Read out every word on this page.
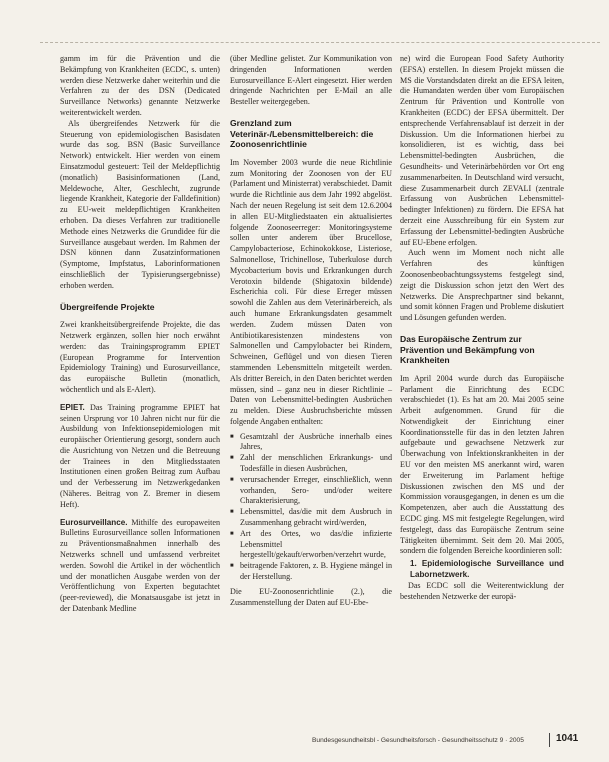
gamm im für die Prävention und die Bekämpfung von Krankheiten (ECDC, s. unten) werden diese Netzwerke daher weiterhin und die Verfahren zu der des DSN (Dedicated Surveillance Networks) genannte Netzwerke weiterentwickelt werden.

Als übergreifendes Netzwerk für die Steuerung von epidemiologischen Basisdaten wurde das sog. BSN (Basic Surveillance Network) entwickelt. Hier werden von einem Einsatzmodul gesteuert: Teil der Meldepflichtig (monatlich) Basisinformationen (Land, Meldewoche, Alter, Geschlecht, zugrunde liegende Krankheit, Kategorie der Falldefinition) zu EU-weit meldepflichtigen Krankheiten erhoben. Da dieses Verfahren zur traditionelle Methode eines Netzwerks die Grundidee für die Surveillance ausgebaut werden. Im Rahmen der DSN können dann Zusatzinformationen (Symptome, Impfstatus, Laborinformationen einschließlich der Typisierungsergebnisse) erhoben werden.

Übergreifende Projekte

Zwei krankheitsübergreifende Projekte, die das Netzwerk ergänzen, sollen hier noch erwähnt werden: das Trainingsprogramm EPIET (European Programme for Intervention Epidemiology Training) und Eurosurveillance, das europäische Bulletin (monatlich, wöchentlich und als E-Alert).

EPIET. Das Training programme EPIET hat seinen Ursprung vor 10 Jahren nicht nur für die Ausbildung von Infektionsepidemiologen mit europäischer Orientierung gesorgt, sondern auch die Ausrichtung von Netzen und die Betreuung der Trainees in den Mitgliedsstaaten Institutionen einen großen Beitrag zum Aufbau und der Verbesserung im Netzwerkgedanken (Näheres. Beitrag von Z. Bremer in diesem Heft).

Eurosurveillance. Mithilfe des europaweiten Bulletins Eurosurveillance sollen Informationen zu Präventionsmaßnahmen innerhalb des Netzwerks schnell und umfassend verbreitet werden. Sowohl die Artikel in der wöchentlich und der monatlichen Ausgabe werden von der Veröffentlichung von Experten begutachtet (peer-reviewed), die Monatsausgabe ist jetzt in der Datenbank Medline

(über Medline gelistet. Zur Kommunikation von dringenden Informationen werden Eurosurveillance E-Alert eingesetzt. Hier werden dringende Nachrichten per E-Mail an alle Besteller weitergegeben.

Grenzland zum Veterinär-/Lebensmittelbereich: die Zoonosenrichtlinie

Im November 2003 wurde die neue Richtlinie zum Monitoring der Zoonosen von der EU (Parlament und Ministerrat) verabschiedet. Damit wurde die Richtlinie aus dem Jahr 1992 abgelöst. Nach der neuen Regelung ist seit dem 12.6.2004 in allen EU-Mitgliedstaaten ein aktualisiertes folgende Zoonoseerreger: Monitoringsysteme sollen unter anderem über Brucellose, Campylobacteriose, Echinokokkose, Listeriose, Salmonellose, Trichinellose, Tuberkulose durch Mycobacterium bovis und Erkrankungen durch Verotoxin bildende (Shigatoxin bildende) Escherichia coli. Für diese Erreger müssen sowohl die Zahlen aus dem Veterinärbereich, als auch humane Erkrankungsdaten gesammelt werden. Zudem müssen Daten von Antibiotikaresistenzen mindestens von Salmonellen und Campylobacter bei Rindern, Schweinen, Geflügel und von diesen Tieren stammenden Lebensmitteln mitgeteilt werden. Als dritter Bereich, in den Daten berichtet werden müssen, sind – ganz neu in dieser Richtlinie – Daten von Lebensmittel-bedingten Ausbrüchen zu melden. Diese Ausbruchsberichte müssen folgende Angaben enthalten:

■ Gesamtzahl der Ausbrüche innerhalb eines Jahres,
■ Zahl der menschlichen Erkrankungs- und Todesfälle in diesen Ausbrüchen,
■ verursachender Erreger, einschließlich, wenn vorhanden, Sero- und/oder weitere Charakterisierung,
■ Lebensmittel, das/die mit dem Ausbruch in Zusammenhang gebracht wird/werden,
■ Art des Ortes, wo das/die infizierte Lebensmittel hergestellt/gekauft/erworben/verzehrt wurde,
■ beitragende Faktoren, z. B. Hygiene mängel in der Herstellung.

Die EU-Zoonosenrichtlinie (2.), die Zusammenstellung der Daten auf EU-Ebe-

ne) wird die European Food Safety Authority (EFSA) erstellen. In diesem Projekt müssen die MS die Vorstandsdaten direkt an die EFSA leiten, die Humandaten werden über vom Europäischen Zentrum für Prävention und Kontrolle von Krankheiten (ECDC) der EFSA übermittelt. Der entsprechende Verfahrensablauf ist derzeit in der Diskussion. Um die Informationen hierbei zu konsolidieren, ist es wichtig, dass bei Lebensmittel-bedingten Ausbrüchen, die Gesundheits- und Veterinärbehörden vor Ort eng zusammenarbeiten. In Deutschland wird versucht, diese Zusammenarbeit durch ZEVALI (zentrale Erfassung von Ausbrüchen Lebensmittel-bedingter Infektionen) zu fördern. Die EFSA hat derzeit eine Ausschreibung für ein System zur Erfassung der Lebensmittel-bedingten Ausbrüche auf EU-Ebene erfolgen.

Auch wenn im Moment noch nicht alle Verfahren des künftigen Zoonosenbeobachtungssystems festgelegt sind, zeigt die Diskussion schon jetzt den Wert des Netzwerks. Die Ansprechpartner sind bekannt, und somit können Fragen und Probleme diskutiert und Lösungen gefunden werden.

Das Europäische Zentrum zur Prävention und Bekämpfung von Krankheiten

Im April 2004 wurde durch das Europäische Parlament die Einrichtung des ECDC verabschiedet (1). Es hat am 20. Mai 2005 seine Arbeit aufgenommen. Grund für die Notwendigkeit der Einrichtung einer Koordinationsstelle für das in den letzten Jahren aufgebaute und gewachsene Netzwerk zur Überwachung von Infektionskrankheiten in der EU vor den meisten MS anerkannt wird, waren der Erweiterung im Parlament heftige Diskussionen zwischen den MS und der Kommission vorausgegangen, in denen es um die Kompetenzen, aber auch die Ausstattung des ECDC ging. MS mit festgelegte Regelungen, wird festgelegt, dass das Europäische Zentrum seine Tätigkeiten übernimmt. Seit dem 20. Mai 2005, sondern die folgenden Bereiche koordinieren soll:

1. Epidemiologische Surveillance und Labornetzwerk.

Das ECDC soll die Weiterentwicklung der bestehenden Netzwerke der europä-

Bundesgesundheitsbl - Gesundheitsforsch - Gesundheitsschutz 9 · 2005	1041
